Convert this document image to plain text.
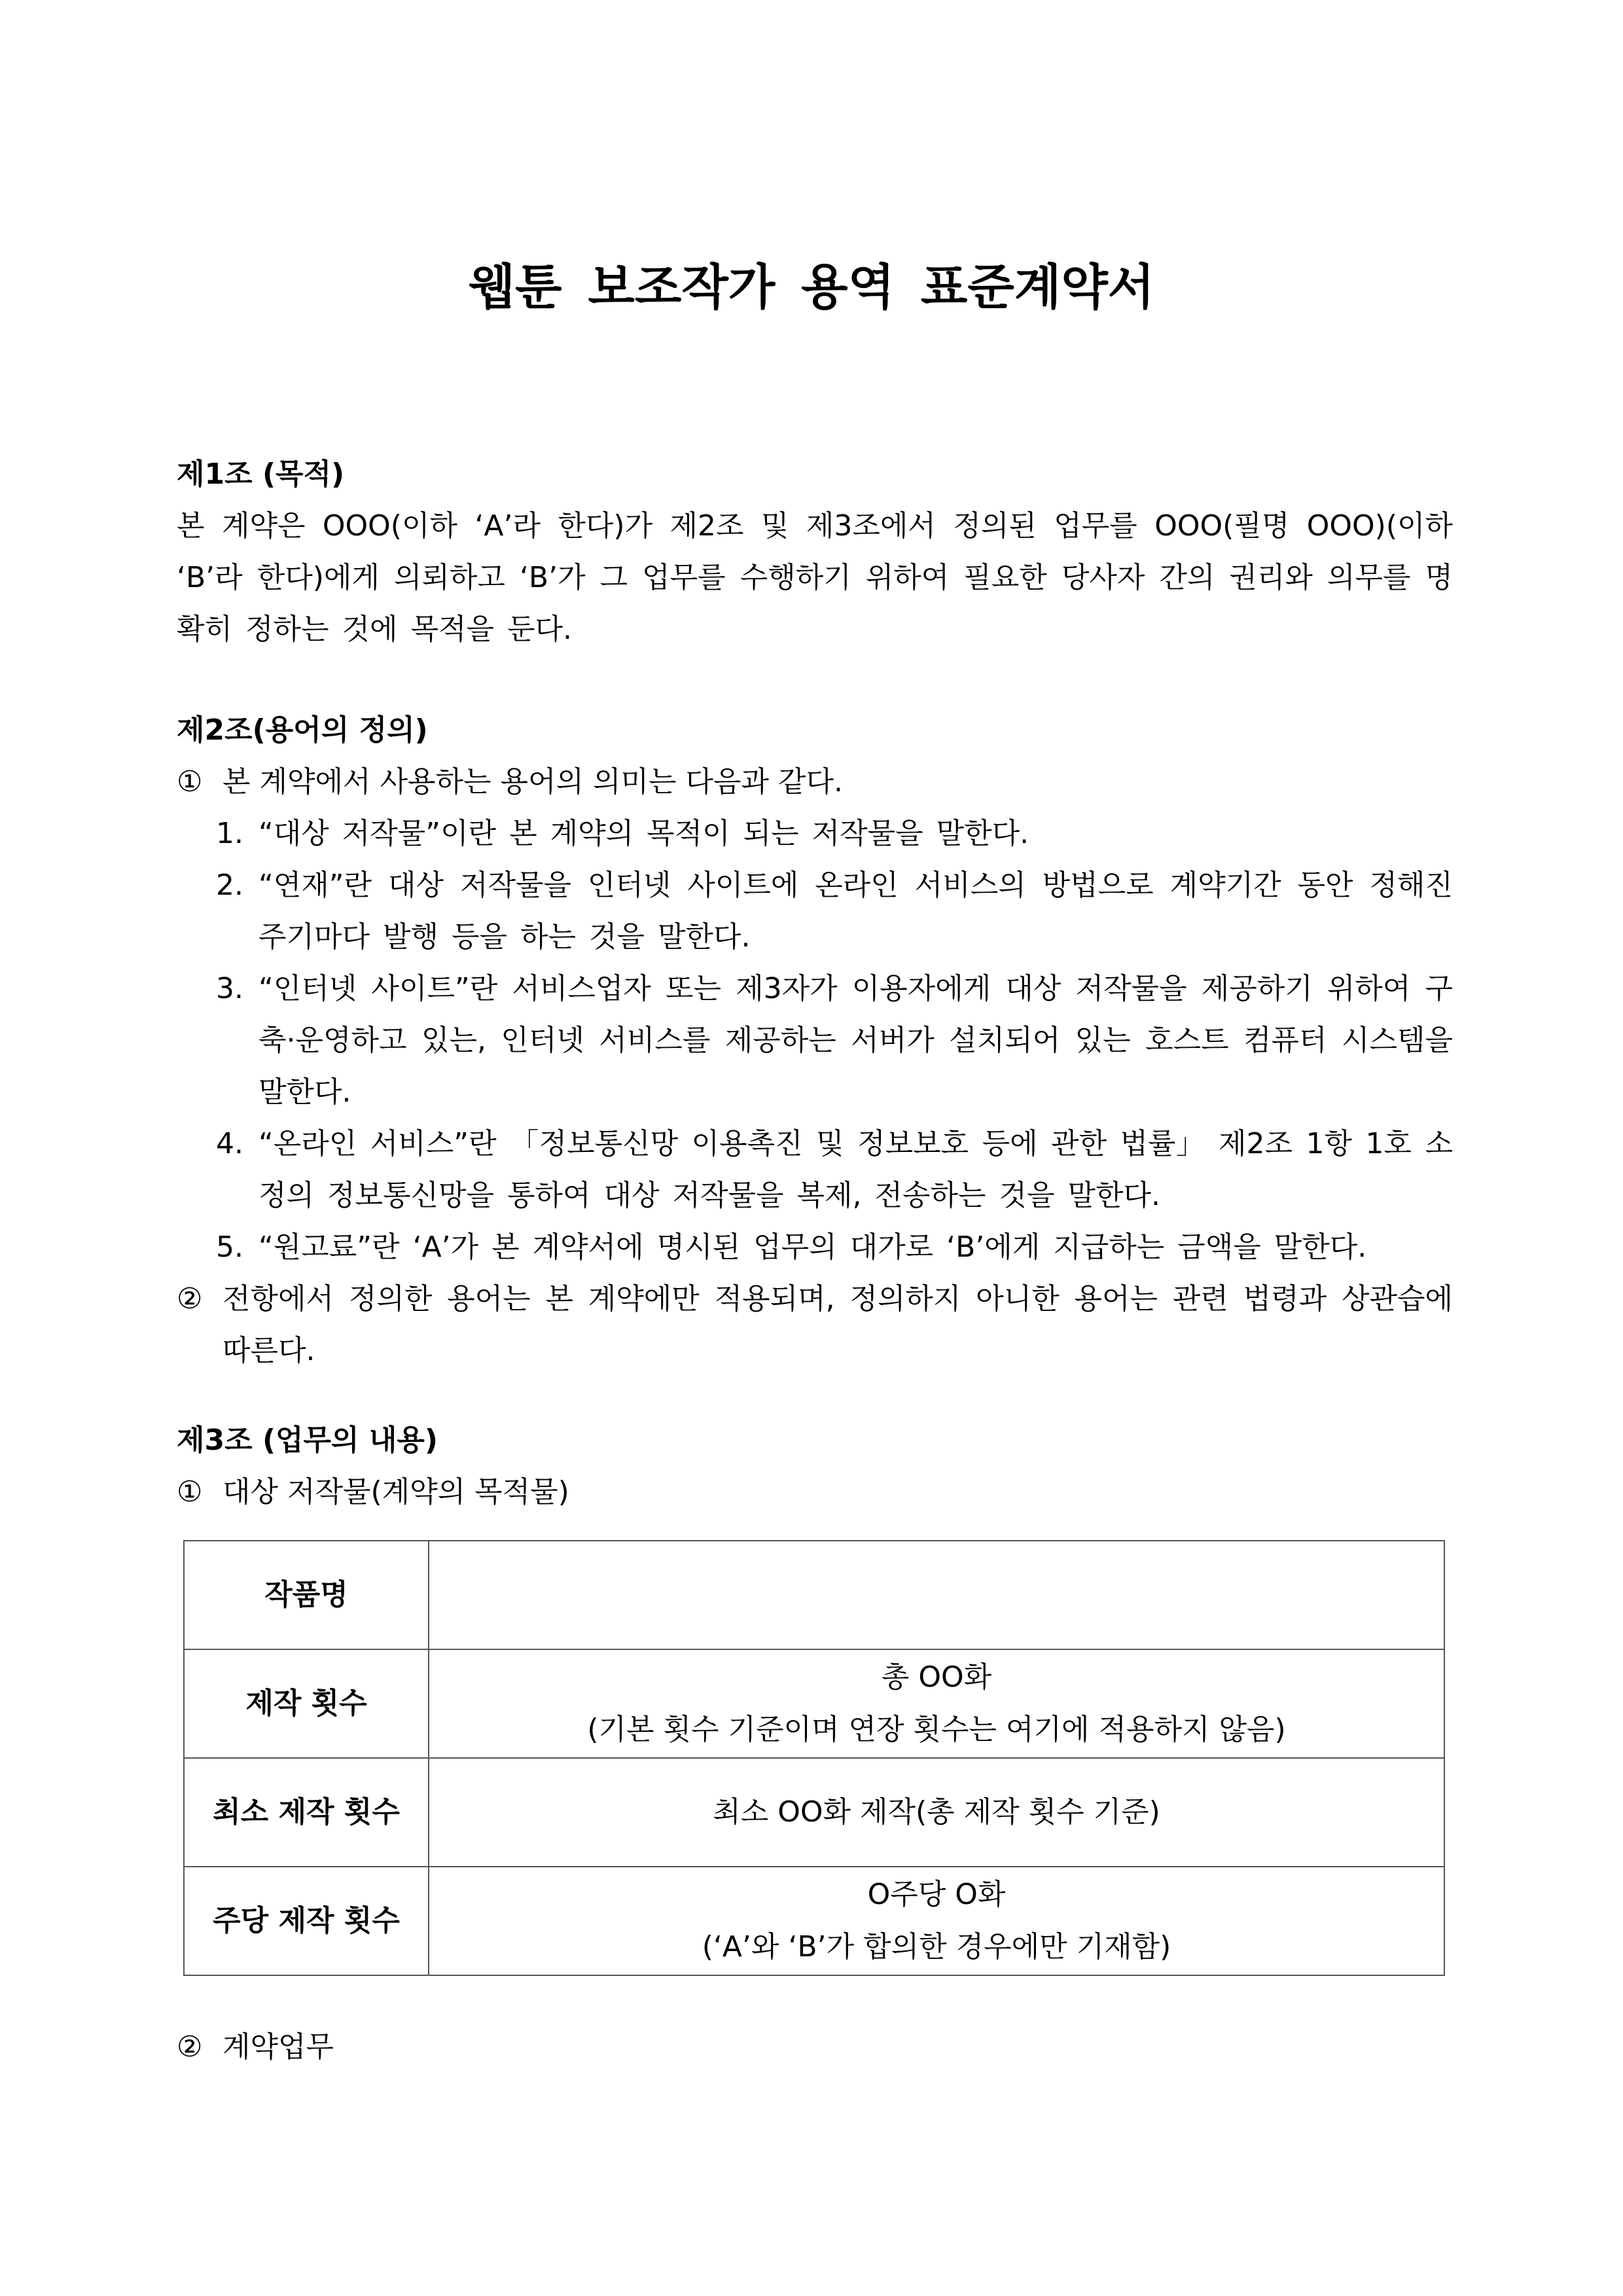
웹툰 보조작가 용역 표준계약서

제1조 (목적)

본 계약은 OOO(이하 ‘A’라 한다)가 제2조 및 제3조에서 정의된 업무를 OOO(필명 OOO)(이하 ‘B’라 한다)에게 의뢰하고 ‘B’가 그 업무를 수행하기 위하여 필요한 당사자 간의 권리와 의무를 명확히 정하는 것에 목적을 둔다.

제2조(용어의 정의)

① 본 계약에서 사용하는 용어의 의미는 다음과 같다.

1. “대상 저작물”이란 본 계약의 목적이 되는 저작물을 말한다.

2. “연재”란 대상 저작물을 인터넷 사이트에 온라인 서비스의 방법으로 계약기간 동안 정해진 주기마다 발행 등을 하는 것을 말한다.

3. “인터넷 사이트”란 서비스업자 또는 제3자가 이용자에게 대상 저작물을 제공하기 위하여 구축·운영하고 있는, 인터넷 서비스를 제공하는 서버가 설치되어 있는 호스트 컴퓨터 시스템을 말한다.

4. “온라인 서비스”란 「정보통신망 이용촉진 및 정보보호 등에 관한 법률」 제2조 1항 1호 소정의 정보통신망을 통하여 대상 저작물을 복제, 전송하는 것을 말한다.

5. “원고료”란 ‘A’가 본 계약서에 명시된 업무의 대가로 ‘B’에게 지급하는 금액을 말한다.

② 전항에서 정의한 용어는 본 계약에만 적용되며, 정의하지 아니한 용어는 관련 법령과 상관습에 따른다.

제3조 (업무의 내용)

① 대상 저작물(계약의 목적물)

작품명	

제작 횟수	총 OO화
(기본 횟수 기준이며 연장 횟수는 여기에 적용하지 않음)

최소 제작 횟수	최소 OO화 제작(총 제작 횟수 기준)

주당 제작 횟수	O주당 O화
(‘A’와 ‘B’가 합의한 경우에만 기재함)

② 계약업무
